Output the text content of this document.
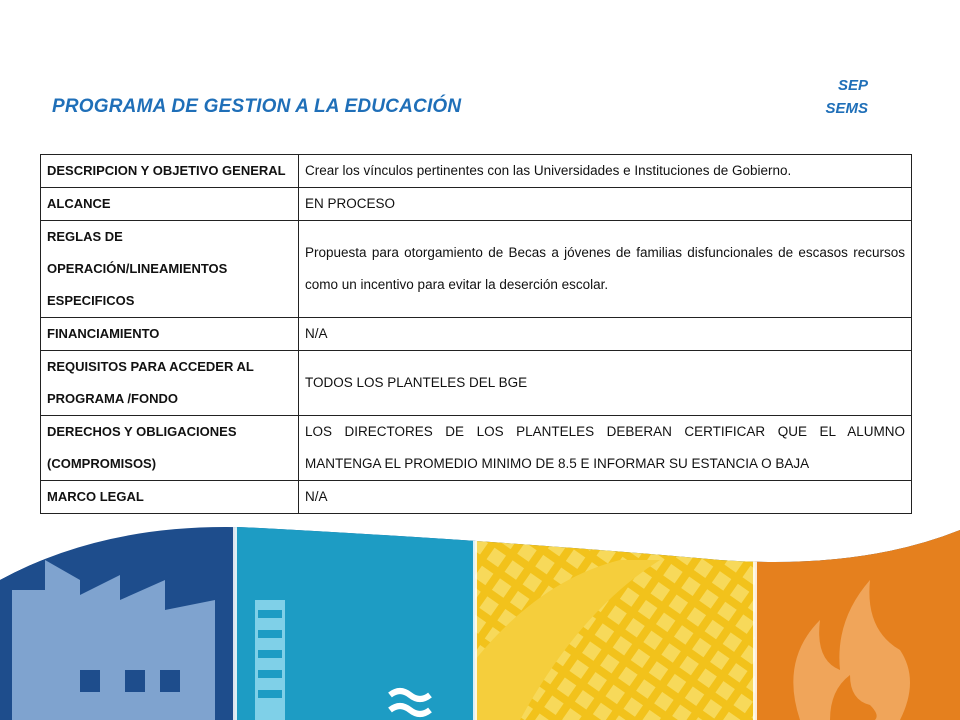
PROGRAMA DE GESTION A LA EDUCACIÓN
SEP
SEMS
DESCRIPCION Y OBJETIVO GENERAL	Crear los vínculos pertinentes con las Universidades e Instituciones de Gobierno.
ALCANCE	EN PROCESO
REGLAS DE OPERACIÓN/LINEAMIENTOS ESPECIFICOS	Propuesta para otorgamiento de Becas a jóvenes de familias disfuncionales de escasos recursos como un incentivo para evitar la deserción escolar.
FINANCIAMIENTO	N/A
REQUISITOS PARA ACCEDER AL PROGRAMA /FONDO	TODOS LOS PLANTELES DEL BGE
DERECHOS Y OBLIGACIONES (COMPROMISOS)	LOS DIRECTORES DE LOS PLANTELES DEBERAN CERTIFICAR QUE EL ALUMNO MANTENGA EL PROMEDIO MINIMO DE 8.5 E INFORMAR SU ESTANCIA O BAJA
MARCO LEGAL	N/A
